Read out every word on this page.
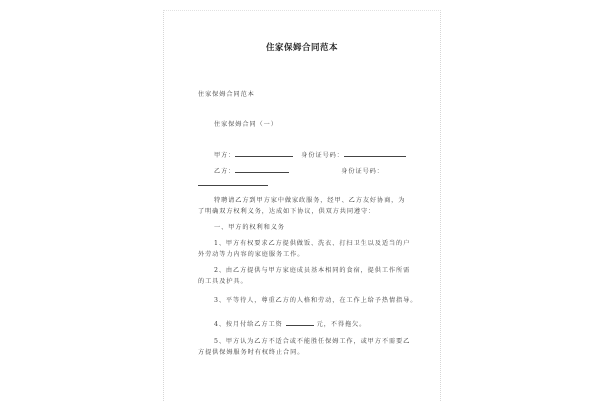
住家保姆合同范本
住家保姆合同范本
住家保姆合同（一）
甲方：	身份证号码：
乙方：	身份证号码：
特聘请乙方到甲方家中做家政服务，经甲、乙方友好协商，为
了明确双方权利义务，达成如下协议，供双方共同遵守：
一、甲方的权利和义务
1、甲方有权要求乙方提供做饭、洗衣、打扫卫生以及适当的户
外劳动等力内容的家庭服务工作。
2、由乙方提供与甲方家庭成员基本相同的食宿，提供工作所需
的工具及护具。
3、平等待人，尊重乙方的人格和劳动，在工作上给予热情指导。
4、按月付给乙方工资	元，不得拖欠。
5、甲方认为乙方不适合或不能胜任保姆工作，或甲方不需要乙
方提供保姆服务时有权终止合同。
